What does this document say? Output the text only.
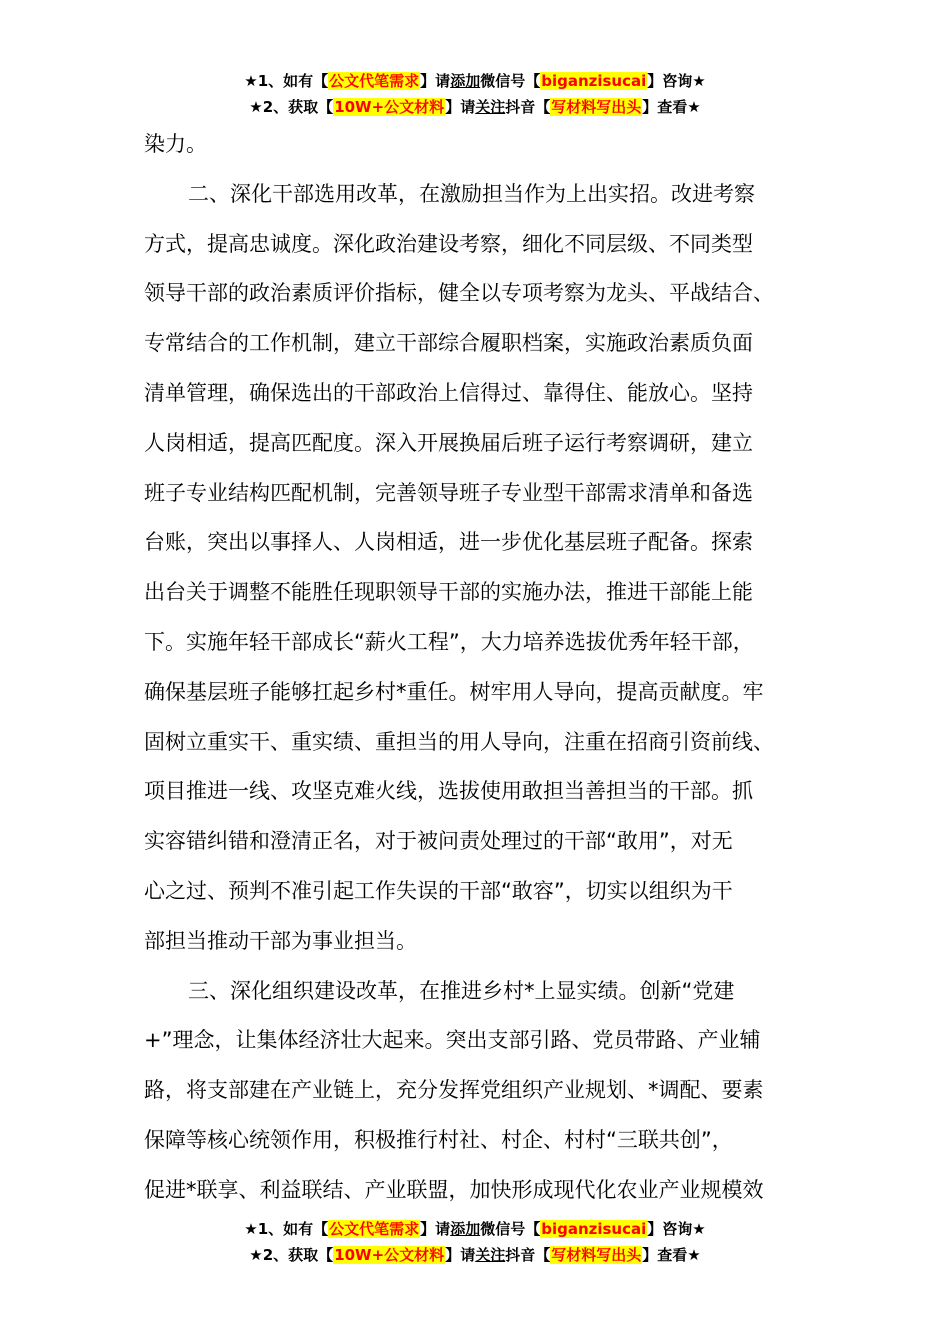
★1、如有【公文代笔需求】请添加微信号【biganzisucai】咨询★
★2、获取【10W+公文材料】请关注抖音【写材料写出头】查看★
染力。
二、深化干部选用改革，在激励担当作为上出实招。改进考察
方式，提高忠诚度。深化政治建设考察，细化不同层级、不同类型
领导干部的政治素质评价指标，健全以专项考察为龙头、平战结合、
专常结合的工作机制，建立干部综合履职档案，实施政治素质负面
清单管理，确保选出的干部政治上信得过、靠得住、能放心。坚持
人岗相适，提高匹配度。深入开展换届后班子运行考察调研，建立
班子专业结构匹配机制，完善领导班子专业型干部需求清单和备选
台账，突出以事择人、人岗相适，进一步优化基层班子配备。探索
出台关于调整不能胜任现职领导干部的实施办法，推进干部能上能
下。实施年轻干部成长“薪火工程”，大力培养选拔优秀年轻干部，
确保基层班子能够扛起乡村*重任。树牢用人导向，提高贡献度。牢
固树立重实干、重实绩、重担当的用人导向，注重在招商引资前线、
项目推进一线、攻坚克难火线，选拔使用敢担当善担当的干部。抓
实容错纠错和澄清正名，对于被问责处理过的干部“敢用”，对无
心之过、预判不准引起工作失误的干部“敢容”，切实以组织为干
部担当推动干部为事业担当。
三、深化组织建设改革，在推进乡村*上显实绩。创新“党建
+”理念，让集体经济壮大起来。突出支部引路、党员带路、产业辅
路，将支部建在产业链上，充分发挥党组织产业规划、*调配、要素
保障等核心统领作用，积极推行村社、村企、村村“三联共创”，
促进*联享、利益联结、产业联盟，加快形成现代化农业产业规模效
★1、如有【公文代笔需求】请添加微信号【biganzisucai】咨询★
★2、获取【10W+公文材料】请关注抖音【写材料写出头】查看★
